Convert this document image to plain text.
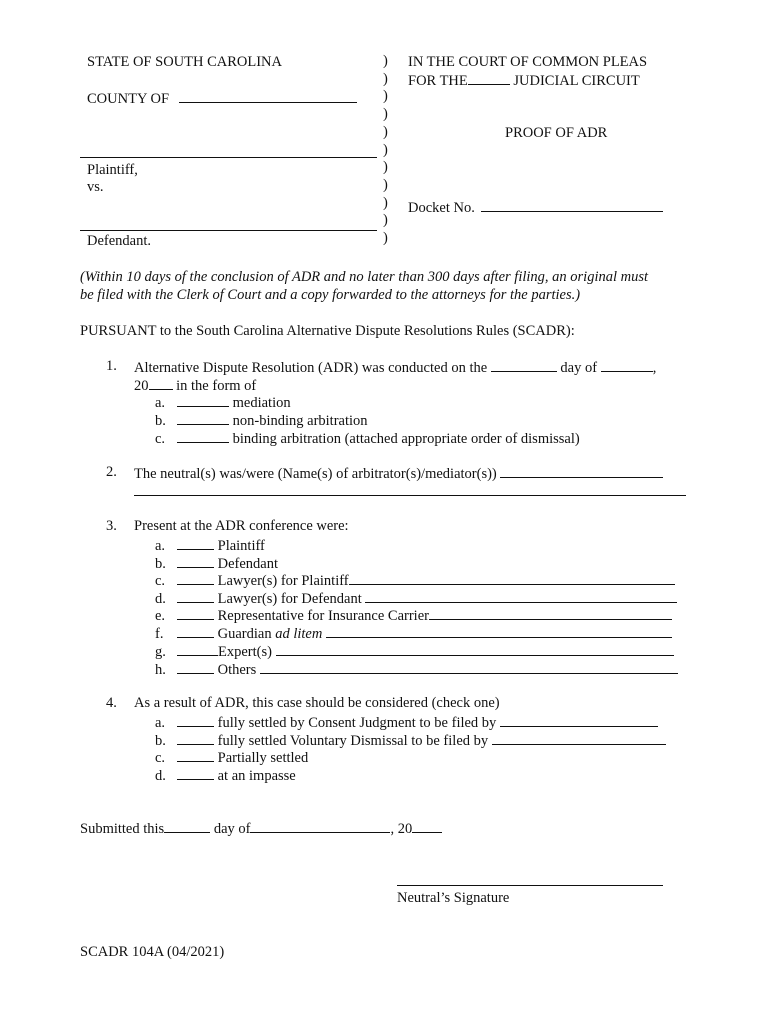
STATE OF SOUTH CAROLINA
COUNTY OF
Plaintiff,
vs.
Defendant.
)
)
)
)
)
)
)
)
)
)
)
IN THE COURT OF COMMON PLEAS
FOR THE	JUDICIAL CIRCUIT
PROOF OF ADR
Docket No.
(Within 10 days of the conclusion of ADR and no later than 300 days after filing, an original must
be filed with the Clerk of Court and a copy forwarded to the attorneys for the parties.)
PURSUANT to the South Carolina Alternative Dispute Resolutions Rules (SCADR):
1. Alternative Dispute Resolution (ADR) was conducted on the	day of	,
20 in the form of
a.	mediation
b.	non-binding arbitration
c.	binding arbitration (attached appropriate order of dismissal)
2. The neutral(s) was/were (Name(s) of arbitrator(s)/mediator(s))
3. Present at the ADR conference were:
a.	Plaintiff
b.	Defendant
c.	Lawyer(s) for Plaintiff
d.	Lawyer(s) for Defendant
e.	Representative for Insurance Carrier
f.	Guardian ad litem
g.	Expert(s)
h.	Others
4. As a result of ADR, this case should be considered (check one)
a.	fully settled by Consent Judgment to be filed by
b.	fully settled Voluntary Dismissal to be filed by
c.	Partially settled
d.	at an impasse
Submitted this	day of	, 20
Neutral’s Signature
SCADR 104A (04/2021)
